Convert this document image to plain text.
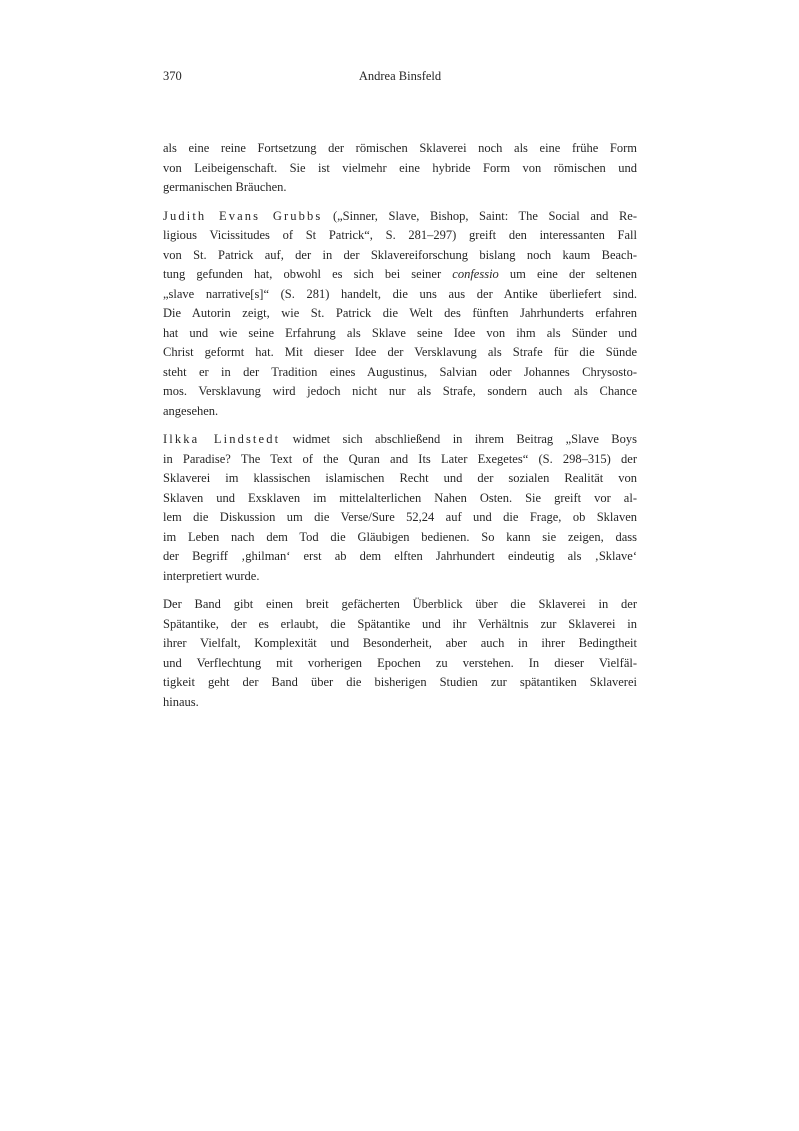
370	Andrea Binsfeld
als eine reine Fortsetzung der römischen Sklaverei noch als eine frühe Form
von Leibeigenschaft. Sie ist vielmehr eine hybride Form von römischen und
germanischen Bräuchen.
Judith Evans Grubbs („Sinner, Slave, Bishop, Saint: The Social and Re-
ligious Vicissitudes of St Patrick“, S. 281–297) greift den interessanten Fall
von St. Patrick auf, der in der Sklavereiforschung bislang noch kaum Beach-
tung gefunden hat, obwohl es sich bei seiner confessio um eine der seltenen
„slave narrative[s]“ (S. 281) handelt, die uns aus der Antike überliefert sind.
Die Autorin zeigt, wie St. Patrick die Welt des fünften Jahrhunderts erfahren
hat und wie seine Erfahrung als Sklave seine Idee von ihm als Sünder und
Christ geformt hat. Mit dieser Idee der Versklavung als Strafe für die Sünde
steht er in der Tradition eines Augustinus, Salvian oder Johannes Chrysosto-
mos. Versklavung wird jedoch nicht nur als Strafe, sondern auch als Chance
angesehen.
Ilkka Lindstedt widmet sich abschließend in ihrem Beitrag „Slave Boys
in Paradise? The Text of the Quran and Its Later Exegetes“ (S. 298–315) der
Sklaverei im klassischen islamischen Recht und der sozialen Realität von
Sklaven und Exsklaven im mittelalterlichen Nahen Osten. Sie greift vor al-
lem die Diskussion um die Verse/Sure 52,24 auf und die Frage, ob Sklaven
im Leben nach dem Tod die Gläubigen bedienen. So kann sie zeigen, dass
der Begriff ‚ghilman‘ erst ab dem elften Jahrhundert eindeutig als ‚Sklave‘
interpretiert wurde.
Der Band gibt einen breit gefächerten Überblick über die Sklaverei in der
Spätantike, der es erlaubt, die Spätantike und ihr Verhältnis zur Sklaverei in
ihrer Vielfalt, Komplexität und Besonderheit, aber auch in ihrer Bedingtheit
und Verflechtung mit vorherigen Epochen zu verstehen. In dieser Vielfäl-
tigkeit geht der Band über die bisherigen Studien zur spätantiken Sklaverei
hinaus.
